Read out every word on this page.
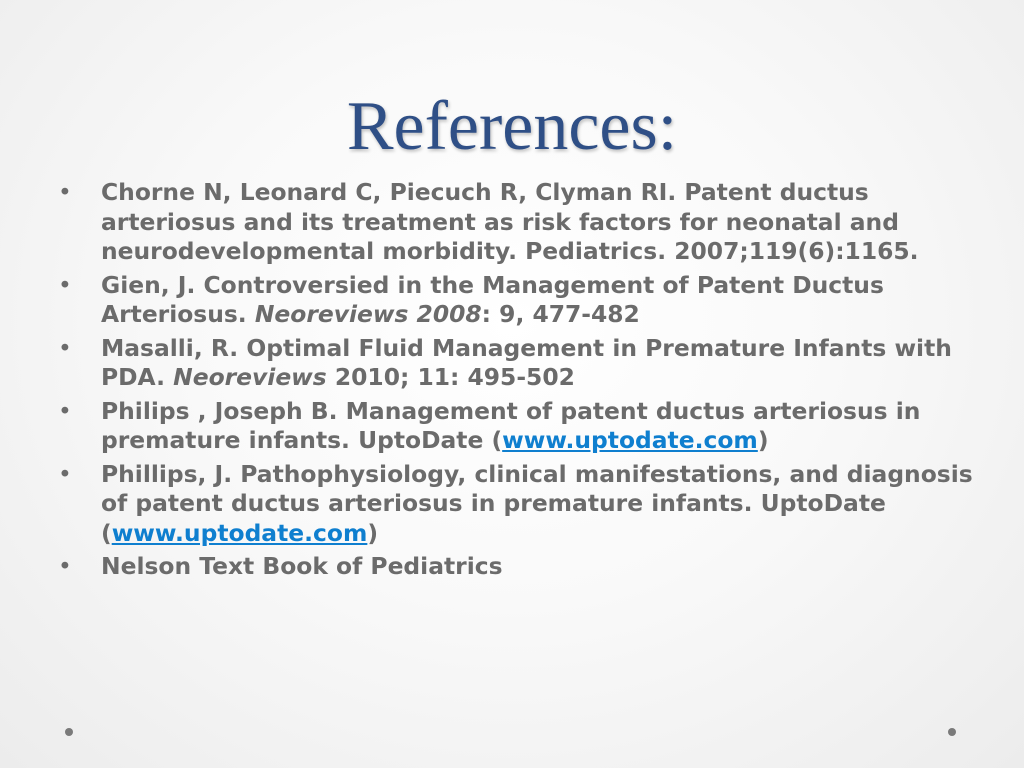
References:
• Chorne N, Leonard C, Piecuch R, Clyman RI. Patent ductus arteriosus and its treatment as risk factors for neonatal and neurodevelopmental morbidity. Pediatrics. 2007;119(6):1165.
• Gien, J. Controversied in the Management of Patent Ductus Arteriosus. Neoreviews 2008: 9, 477-482
• Masalli, R. Optimal Fluid Management in Premature Infants with PDA. Neoreviews 2010; 11: 495-502
• Philips , Joseph B. Management of patent ductus arteriosus in premature infants. UptoDate (www.uptodate.com)
• Phillips, J. Pathophysiology, clinical manifestations, and diagnosis of patent ductus arteriosus in premature infants. UptoDate (www.uptodate.com)
• Nelson Text Book of Pediatrics
